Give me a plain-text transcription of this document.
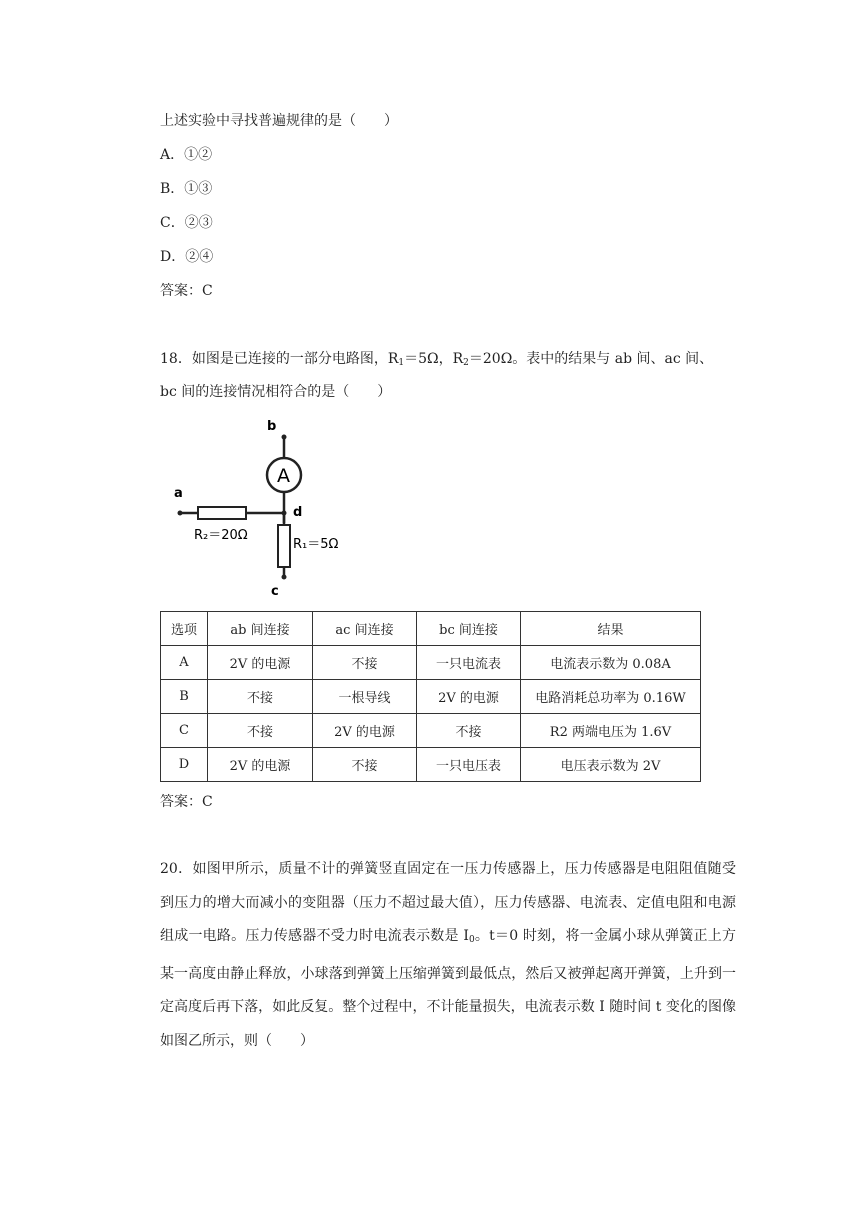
上述实验中寻找普遍规律的是（　　）
A．①②
B．①③
C．②③
D．②④
答案：C
18．如图是已连接的一部分电路图，$R_1=5\Omega$，$R_2=20\Omega$。表中的结果与 ab 间、ac 间、
bc 间的连接情况相符合的是（　　）
b
A
a
R₂＝20Ω
d
R₁＝5Ω
c
选项	ab 间连接	ac 间连接	bc 间连接	结果
A	2V 的电源	不接	一只电流表	电流表示数为 0.08A
B	不接	一根导线	2V 的电源	电路消耗总功率为 0.16W
C	不接	2V 的电源	不接	R2 两端电压为 1.6V
D	2V 的电源	不接	一只电压表	电压表示数为 2V
答案：C
20．如图甲所示，质量不计的弹簧竖直固定在一压力传感器上，压力传感器是电阻阻值随受到压力的增大而减小的变阻器（压力不超过最大值），压力传感器、电流表、定值电阻和电源组成一电路。压力传感器不受力时电流表示数是 $I_0$。t＝0 时刻，将一金属小球从弹簧正上方某一高度由静止释放，小球落到弹簧上压缩弹簧到最低点，然后又被弹起离开弹簧，上升到一定高度后再下落，如此反复。整个过程中，不计能量损失，电流表示数 I 随时间 t 变化的图像如图乙所示，则（　　）
